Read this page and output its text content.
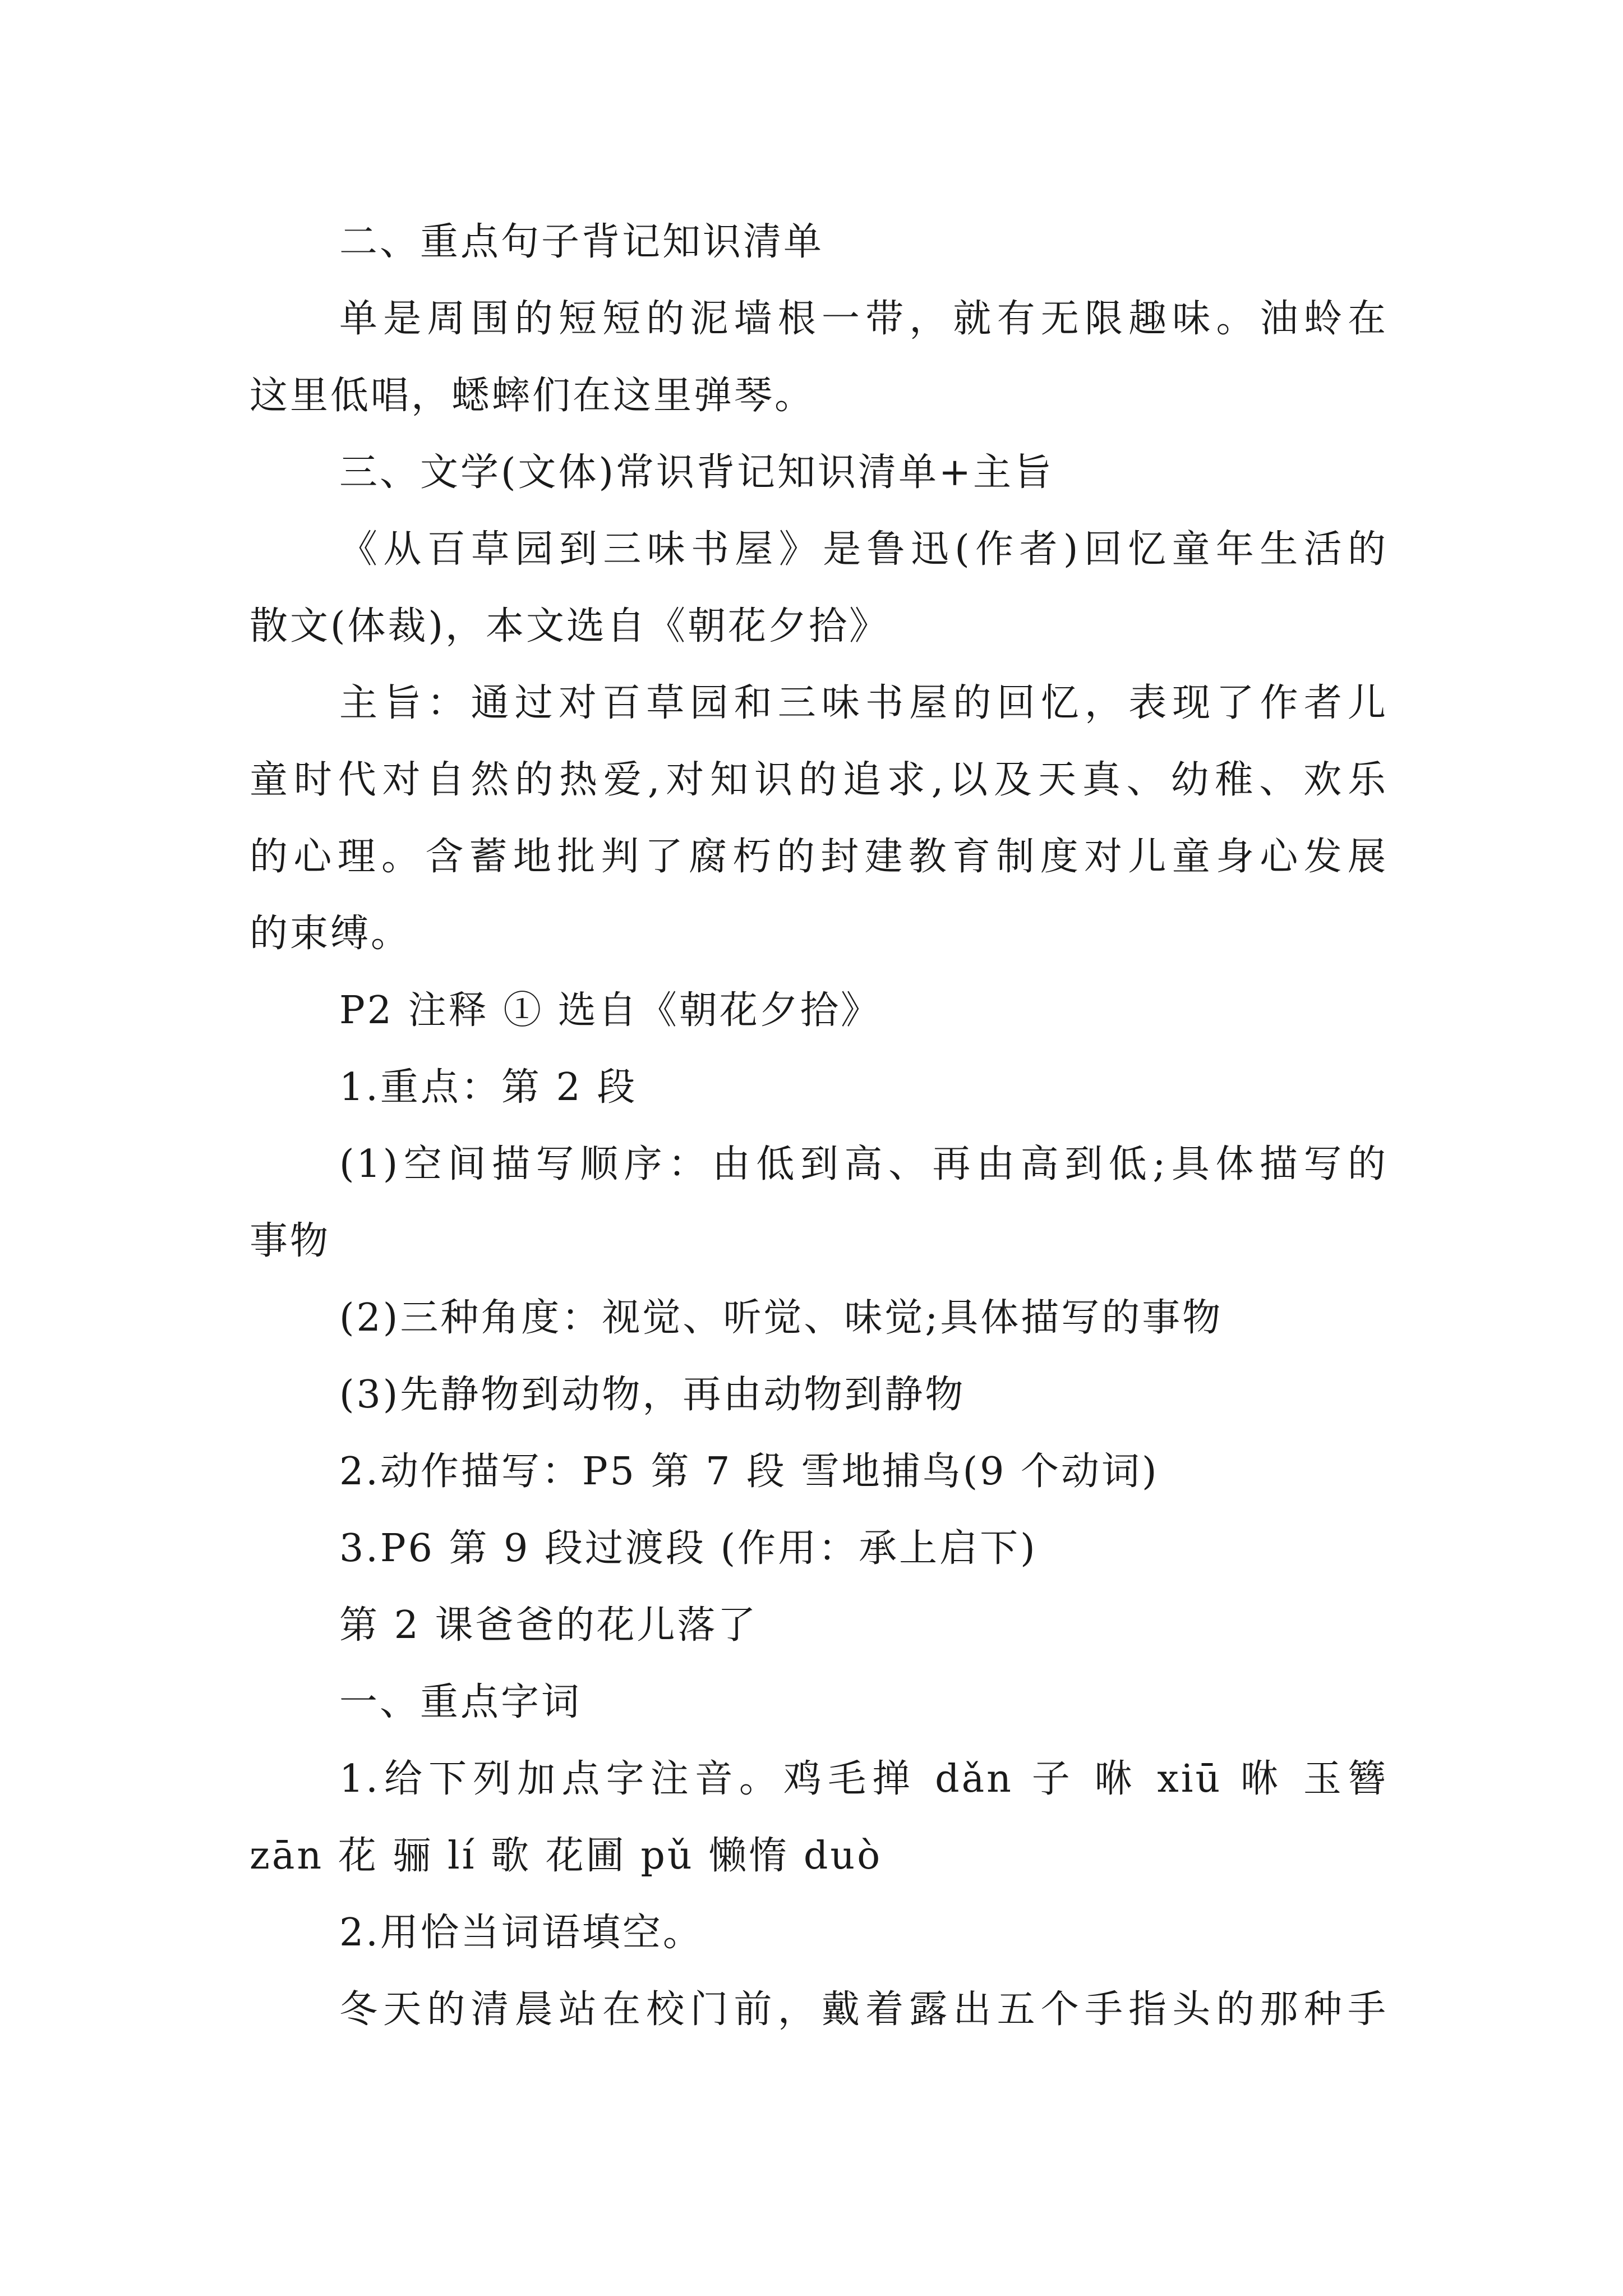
二、重点句子背记知识清单
单是周围的短短的泥墙根一带，就有无限趣味。油蛉在
这里低唱，蟋蟀们在这里弹琴。
三、文学(文体)常识背记知识清单+主旨
《从百草园到三味书屋》是鲁迅(作者)回忆童年生活的
散文(体裁)，本文选自《朝花夕拾》
主旨：通过对百草园和三味书屋的回忆，表现了作者儿
童时代对自然的热爱,对知识的追求,以及天真、幼稚、欢乐
的心理。含蓄地批判了腐朽的封建教育制度对儿童身心发展
的束缚。
P2 注释 ① 选自《朝花夕拾》
1.重点：第 2 段
(1)空间描写顺序：由低到高、再由高到低;具体描写的
事物
(2)三种角度：视觉、听觉、味觉;具体描写的事物
(3)先静物到动物，再由动物到静物
2.动作描写：P5 第 7 段 雪地捕鸟(9 个动词)
3.P6 第 9 段过渡段 (作用：承上启下)
第 2 课爸爸的花儿落了
一、重点字词
1.给下列加点字注音。鸡毛掸 dǎn 子 咻 xiū 咻 玉簪
zān 花 骊 lí 歌 花圃 pǔ 懒惰 duò
2.用恰当词语填空。
冬天的清晨站在校门前，戴着露出五个手指头的那种手
